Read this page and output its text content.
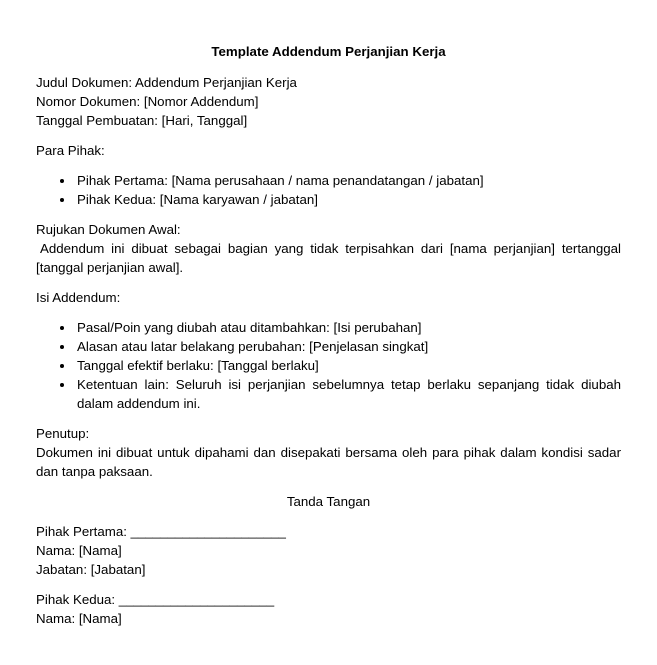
Template Addendum Perjanjian Kerja

Judul Dokumen: Addendum Perjanjian Kerja

Nomor Dokumen: [Nomor Addendum]

Tanggal Pembuatan: [Hari, Tanggal]

Para Pihak:

• Pihak Pertama: [Nama perusahaan / nama penandatangan / jabatan]
• Pihak Kedua: [Nama karyawan / jabatan]

Rujukan Dokumen Awal:

Addendum ini dibuat sebagai bagian yang tidak terpisahkan dari [nama perjanjian] tertanggal [tanggal perjanjian awal].

Isi Addendum:

• Pasal/Poin yang diubah atau ditambahkan: [Isi perubahan]
• Alasan atau latar belakang perubahan: [Penjelasan singkat]
• Tanggal efektif berlaku: [Tanggal berlaku]
• Ketentuan lain: Seluruh isi perjanjian sebelumnya tetap berlaku sepanjang tidak diubah dalam addendum ini.

Penutup:

Dokumen ini dibuat untuk dipahami dan disepakati bersama oleh para pihak dalam kondisi sadar dan tanpa paksaan.

Tanda Tangan

Pihak Pertama: _____________________

Nama: [Nama]

Jabatan: [Jabatan]

Pihak Kedua: _____________________

Nama: [Nama]
